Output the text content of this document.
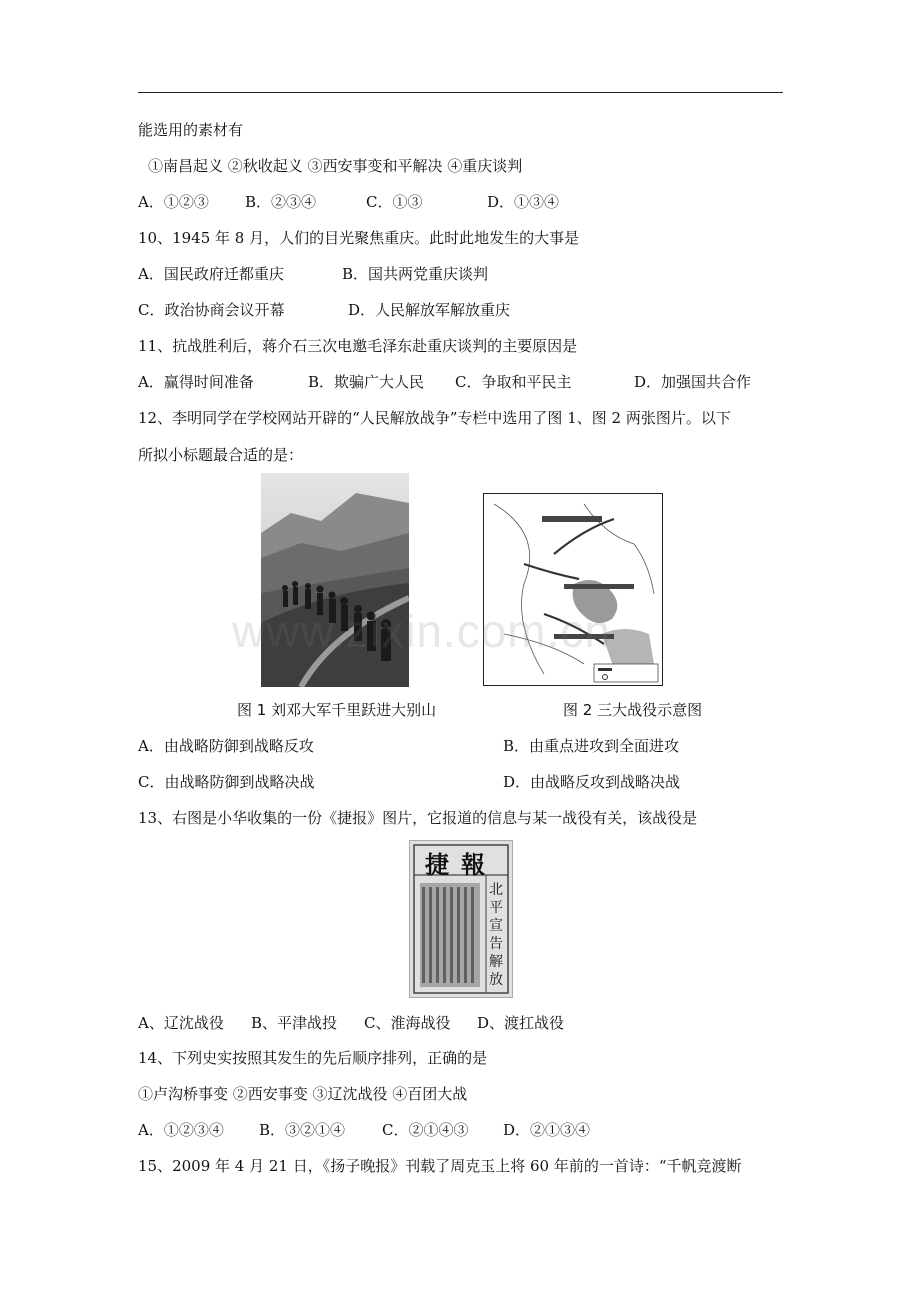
能选用的素材有
①南昌起义 ②秋收起义 ③西安事变和平解决 ④重庆谈判
A．①②③ B．②③④	C．①③	D．①③④
10、1945 年 8 月，人们的目光聚焦重庆。此时此地发生的大事是
A．国民政府迁都重庆	B．国共两党重庆谈判
C．政治协商会议开幕	D．人民解放军解放重庆
11、抗战胜利后，蒋介石三次电邀毛泽东赴重庆谈判的主要原因是
A．赢得时间准备	B．欺骗广大人民 C．争取和平民主	D．加强国共合作
12、李明同学在学校网站开辟的“人民解放战争”专栏中选用了图 1、图 2 两张图片。以下
所拟小标题最合适的是：
图 1 刘邓大军千里跃进大别山	图 2 三大战役示意图
www.zixin.com.cn
A．由战略防御到战略反攻	B．由重点进攻到全面进攻
C．由战略防御到战略决战	D．由战略反攻到战略决战
13、右图是小华收集的一份《捷报》图片，它报道的信息与某一战役有关，该战役是
捷報
北平宣告解放
A、辽沈战役 B、平津战投 C、淮海战役 D、渡扛战役
14、下列史实按照其发生的先后顺序排列，正确的是
①卢沟桥事变 ②西安事变 ③辽沈战役 ④百团大战
A．①②③④ B．③②①④ C．②①④③ D．②①③④
15、2009 年 4 月 21 日，《扬子晚报》刊载了周克玉上将 60 年前的一首诗：“千帆竞渡断
